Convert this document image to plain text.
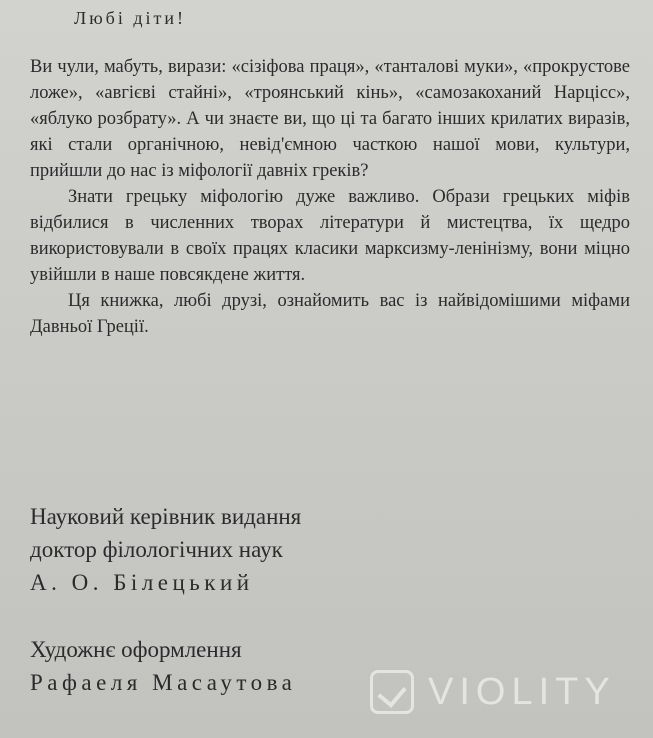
Любі діти!

Ви чули, мабуть, вирази: «сізіфова праця», «танталові муки», «прокрустове ложе», «авгієві стайні», «троянський кінь», «самозакоханий Нарцісс», «яблуко розбрату». А чи знаєте ви, що ці та багато інших крилатих виразів, які стали органічною, невід'ємною часткою нашої мови, культури, прийшли до нас із міфології давніх греків?

Знати грецьку міфологію дуже важливо. Образи грецьких міфів відбилися в численних творах літератури й мистецтва, їх щедро використовували в своїх працях класики марксизму-ленінізму, вони міцно увійшли в наше повсякдене життя.

Ця книжка, любі друзі, ознайомить вас із найвідомішими міфами Давньої Греції.

Науковий керівник видання
доктор філологічних наук
А. О. Білецький
Художнє оформлення
Рафаеля Масаутова	VIOLITY
